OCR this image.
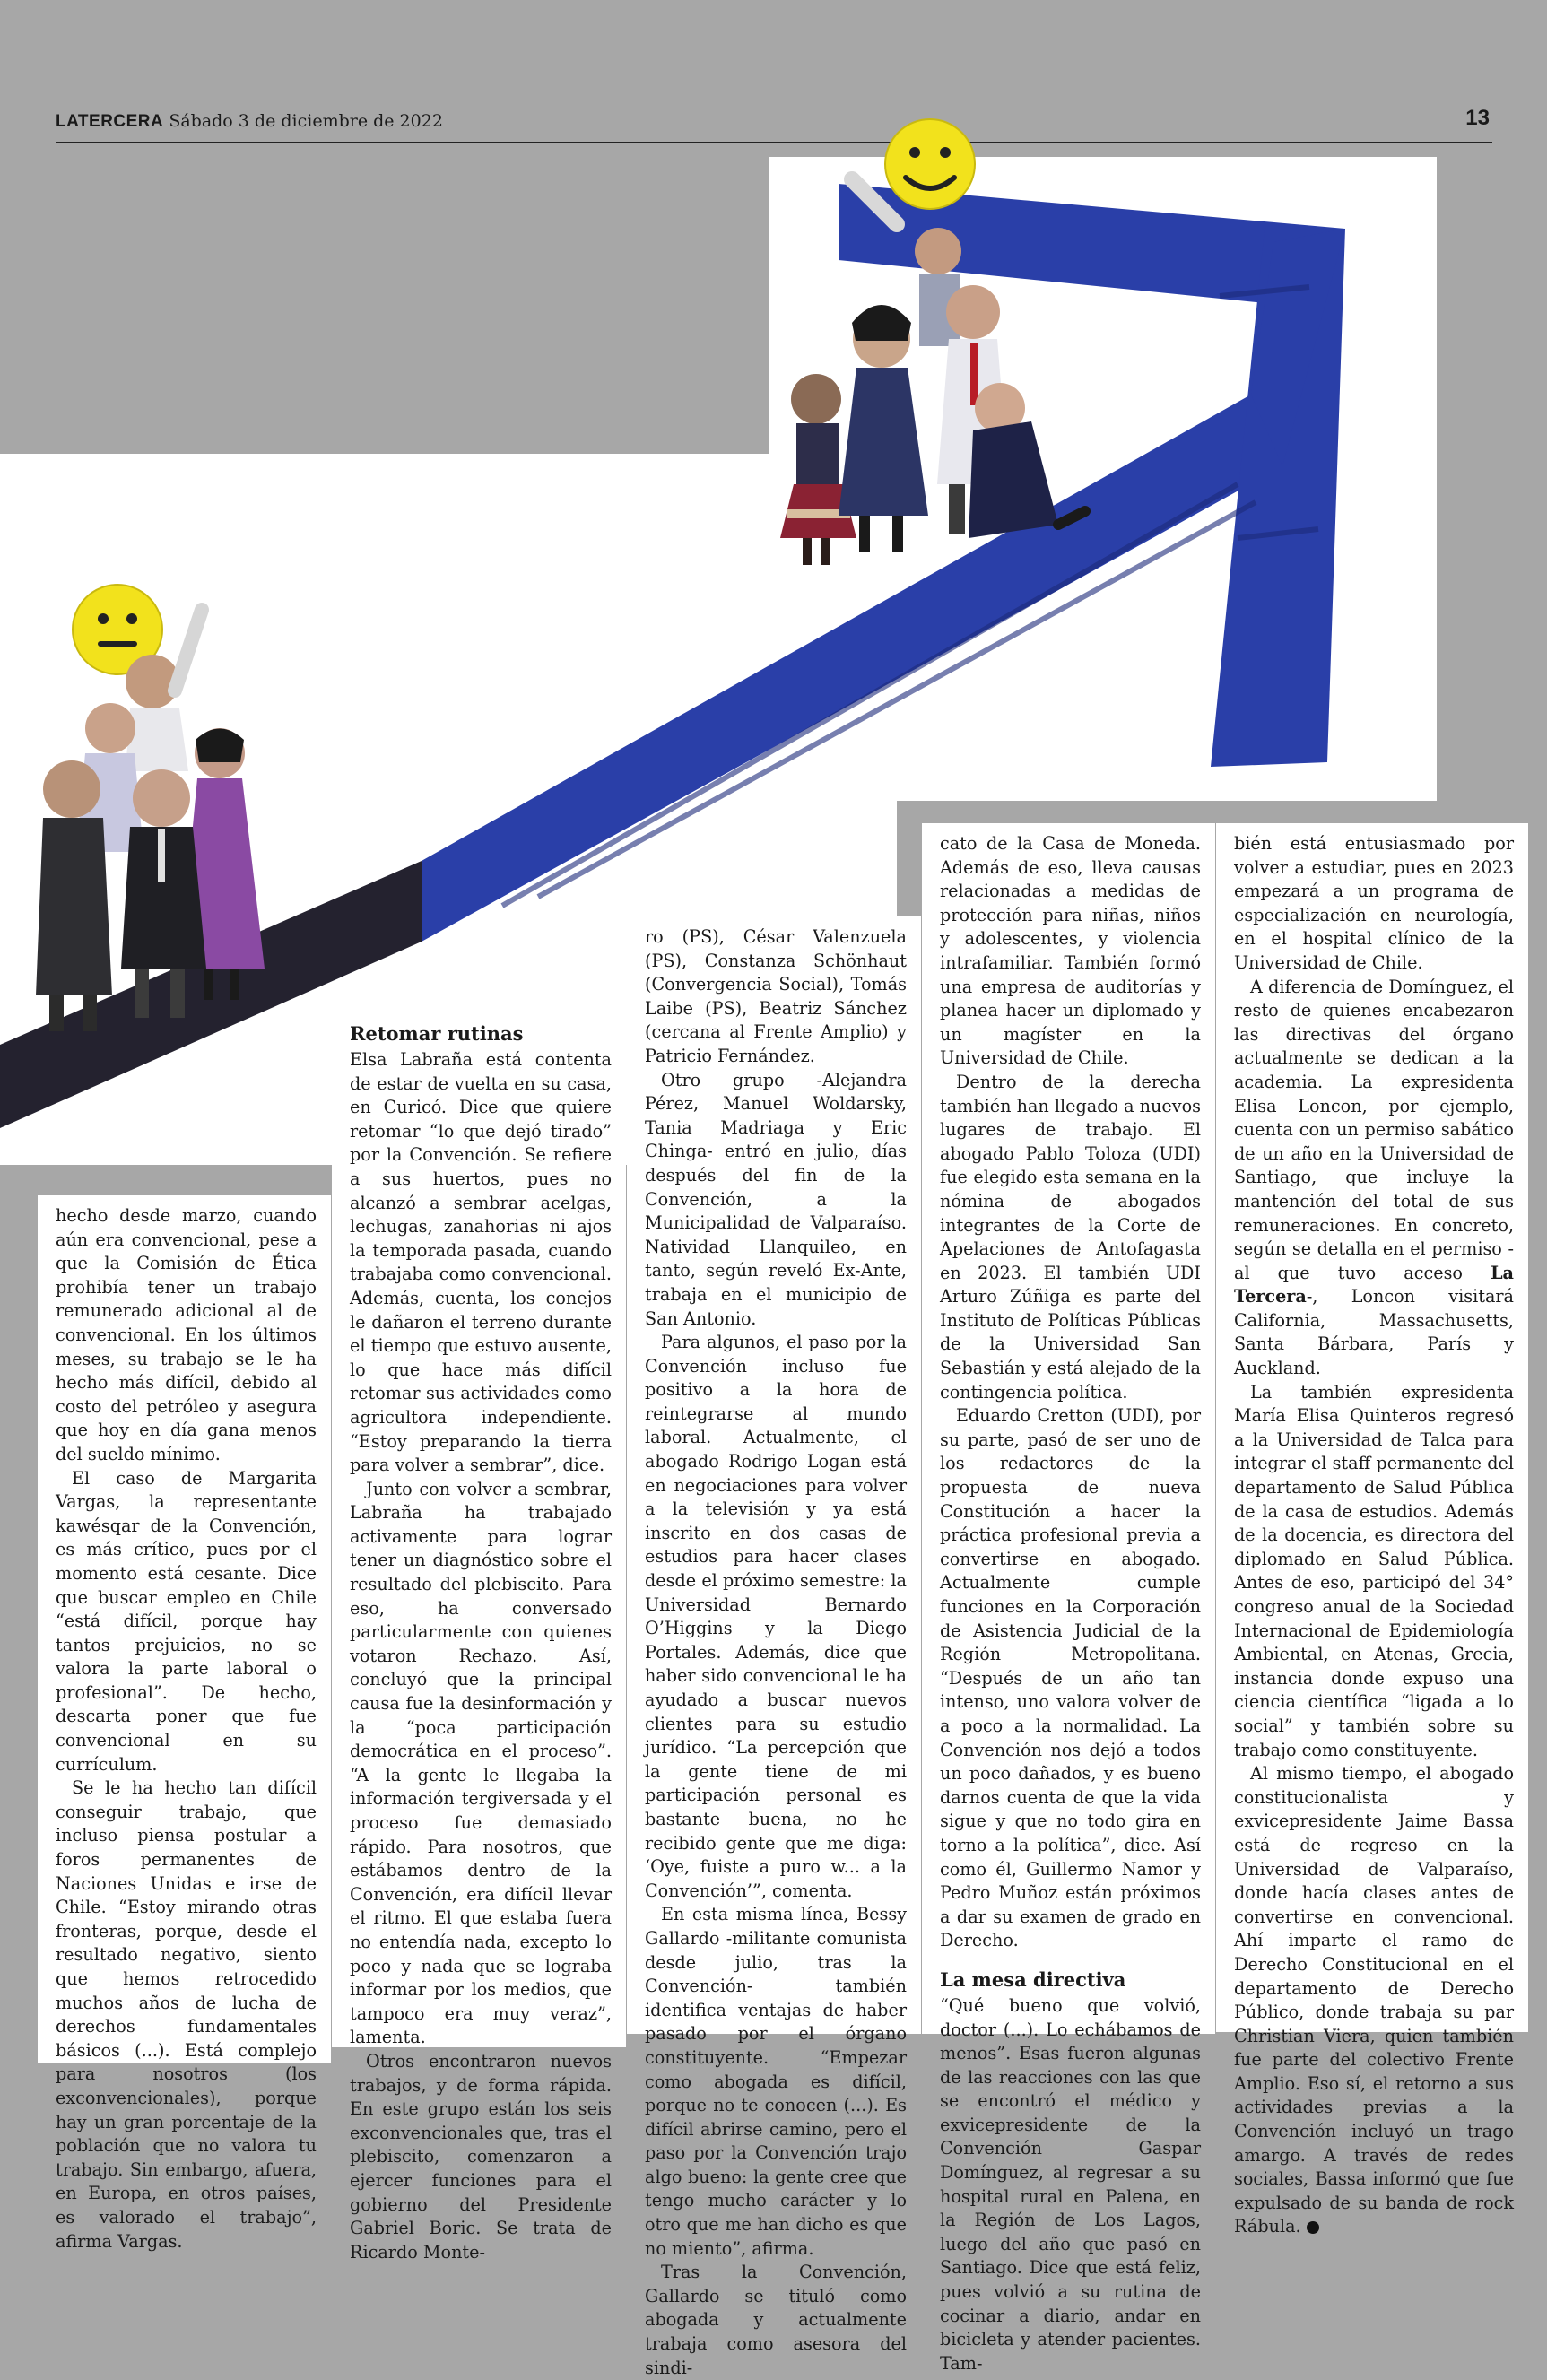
LATERCERA Sábado 3 de diciembre de 2022	13

hecho desde marzo, cuando aún era convencional, pese a que la Comisión de Ética prohibía tener un trabajo remunerado adicional al de convencional. En los últimos meses, su trabajo se le ha hecho más difícil, debido al costo del petróleo y asegura que hoy en día gana menos del sueldo mínimo.

El caso de Margarita Vargas, la representante kawésqar de la Convención, es más crítico, pues por el momento está cesante. Dice que buscar empleo en Chile “está difícil, porque hay tantos prejuicios, no se valora la parte laboral o profesional”. De hecho, descarta poner que fue convencional en su currículum.

Se le ha hecho tan difícil conseguir trabajo, que incluso piensa postular a foros permanentes de Naciones Unidas e irse de Chile. “Estoy mirando otras fronteras, porque, desde el resultado negativo, siento que hemos retrocedido muchos años de lucha de derechos fundamentales básicos (...). Está complejo para nosotros (los exconvencionales), porque hay un gran porcentaje de la población que no valora tu trabajo. Sin embargo, afuera, en Europa, en otros países, es valorado el trabajo”, afirma Vargas.

Retomar rutinas

Elsa Labraña está contenta de estar de vuelta en su casa, en Curicó. Dice que quiere retomar “lo que dejó tirado” por la Convención. Se refiere a sus huertos, pues no alcanzó a sembrar acelgas, lechugas, zanahorias ni ajos la temporada pasada, cuando trabajaba como convencional. Además, cuenta, los conejos le dañaron el terreno durante el tiempo que estuvo ausente, lo que hace más difícil retomar sus actividades como agricultora independiente. “Estoy preparando la tierra para volver a sembrar”, dice.

Junto con volver a sembrar, Labraña ha trabajado activamente para lograr tener un diagnóstico sobre el resultado del plebiscito. Para eso, ha conversado particularmente con quienes votaron Rechazo. Así, concluyó que la principal causa fue la desinformación y la “poca participación democrática en el proceso”. “A la gente le llegaba la información tergiversada y el proceso fue demasiado rápido. Para nosotros, que estábamos dentro de la Convención, era difícil llevar el ritmo. El que estaba fuera no entendía nada, excepto lo poco y nada que se lograba informar por los medios, que tampoco era muy veraz”, lamenta.

Otros encontraron nuevos trabajos, y de forma rápida. En este grupo están los seis exconvencionales que, tras el plebiscito, comenzaron a ejercer funciones para el gobierno del Presidente Gabriel Boric. Se trata de Ricardo Monte-

ro (PS), César Valenzuela (PS), Constanza Schönhaut (Convergencia Social), Tomás Laibe (PS), Beatriz Sánchez (cercana al Frente Amplio) y Patricio Fernández.

Otro grupo -Alejandra Pérez, Manuel Woldarsky, Tania Madriaga y Eric Chinga- entró en julio, días después del fin de la Convención, a la Municipalidad de Valparaíso. Natividad Llanquileo, en tanto, según reveló Ex-Ante, trabaja en el municipio de San Antonio.

Para algunos, el paso por la Convención incluso fue positivo a la hora de reintegrarse al mundo laboral. Actualmente, el abogado Rodrigo Logan está en negociaciones para volver a la televisión y ya está inscrito en dos casas de estudios para hacer clases desde el próximo semestre: la Universidad Bernardo O’Higgins y la Diego Portales. Además, dice que haber sido convencional le ha ayudado a buscar nuevos clientes para su estudio jurídico. “La percepción que la gente tiene de mi participación personal es bastante buena, no he recibido gente que me diga: ‘Oye, fuiste a puro w... a la Convención’”, comenta.

En esta misma línea, Bessy Gallardo -militante comunista desde julio, tras la Convención- también identifica ventajas de haber pasado por el órgano constituyente. “Empezar como abogada es difícil, porque no te conocen (...). Es difícil abrirse camino, pero el paso por la Convención trajo algo bueno: la gente cree que tengo mucho carácter y lo otro que me han dicho es que no miento”, afirma.

Tras la Convención, Gallardo se tituló como abogada y actualmente trabaja como asesora del sindi-

cato de la Casa de Moneda. Además de eso, lleva causas relacionadas a medidas de protección para niñas, niños y adolescentes, y violencia intrafamiliar. También formó una empresa de auditorías y planea hacer un diplomado y un magíster en la Universidad de Chile.

Dentro de la derecha también han llegado a nuevos lugares de trabajo. El abogado Pablo Toloza (UDI) fue elegido esta semana en la nómina de abogados integrantes de la Corte de Apelaciones de Antofagasta en 2023. El también UDI Arturo Zúñiga es parte del Instituto de Políticas Públicas de la Universidad San Sebastián y está alejado de la contingencia política.

Eduardo Cretton (UDI), por su parte, pasó de ser uno de los redactores de la propuesta de nueva Constitución a hacer la práctica profesional previa a convertirse en abogado. Actualmente cumple funciones en la Corporación de Asistencia Judicial de la Región Metropolitana. “Después de un año tan intenso, uno valora volver de a poco a la normalidad. La Convención nos dejó a todos un poco dañados, y es bueno darnos cuenta de que la vida sigue y que no todo gira en torno a la política”, dice. Así como él, Guillermo Namor y Pedro Muñoz están próximos a dar su examen de grado en Derecho.

La mesa directiva

“Qué bueno que volvió, doctor (...). Lo echábamos de menos”. Esas fueron algunas de las reacciones con las que se encontró el médico y exvicepresidente de la Convención Gaspar Domínguez, al regresar a su hospital rural en Palena, en la Región de Los Lagos, luego del año que pasó en Santiago. Dice que está feliz, pues volvió a su rutina de cocinar a diario, andar en bicicleta y atender pacientes. Tam-

bién está entusiasmado por volver a estudiar, pues en 2023 empezará a un programa de especialización en neurología, en el hospital clínico de la Universidad de Chile.

A diferencia de Domínguez, el resto de quienes encabezaron las directivas del órgano actualmente se dedican a la academia. La expresidenta Elisa Loncon, por ejemplo, cuenta con un permiso sabático de un año en la Universidad de Santiago, que incluye la mantención del total de sus remuneraciones. En concreto, según se detalla en el permiso -al que tuvo acceso La Tercera-, Loncon visitará California, Massachusetts, Santa Bárbara, París y Auckland.

La también expresidenta María Elisa Quinteros regresó a la Universidad de Talca para integrar el staff permanente del departamento de Salud Pública de la casa de estudios. Además de la docencia, es directora del diplomado en Salud Pública. Antes de eso, participó del 34° congreso anual de la Sociedad Internacional de Epidemiología Ambiental, en Atenas, Grecia, instancia donde expuso una ciencia científica “ligada a lo social” y también sobre su trabajo como constituyente.

Al mismo tiempo, el abogado constitucionalista y exvicepresidente Jaime Bassa está de regreso en la Universidad de Valparaíso, donde hacía clases antes de convertirse en convencional. Ahí imparte el ramo de Derecho Constitucional en el departamento de Derecho Público, donde trabaja su par Christian Viera, quien también fue parte del colectivo Frente Amplio. Eso sí, el retorno a sus actividades previas a la Convención incluyó un trago amargo. A través de redes sociales, Bassa informó que fue expulsado de su banda de rock Rábula.
